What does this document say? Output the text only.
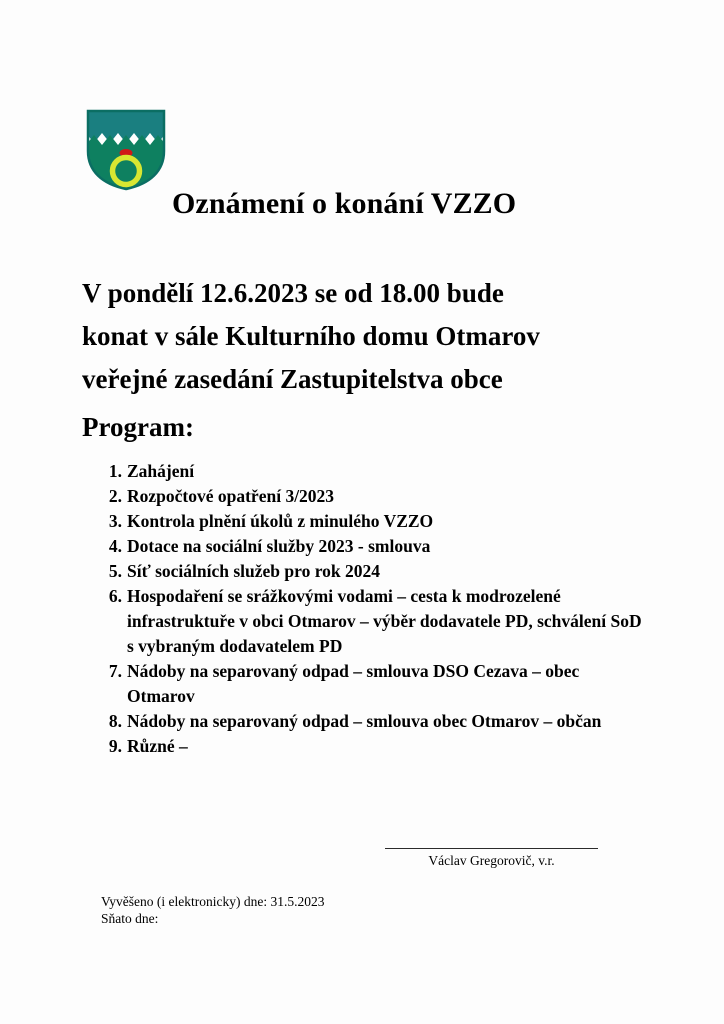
Oznámení o konání VZZO
V pondělí 12.6.2023 se od 18.00 bude
konat v sále Kulturního domu Otmarov
veřejné zasedání Zastupitelstva obce
Program:
1. Zahájení
2. Rozpočtové opatření 3/2023
3. Kontrola plnění úkolů z minulého VZZO
4. Dotace na sociální služby 2023 - smlouva
5. Síť sociálních služeb pro rok 2024
6. Hospodaření se srážkovými vodami – cesta k modrozelené infrastruktuře v obci Otmarov – výběr dodavatele PD, schválení SoD s vybraným dodavatelem PD
7. Nádoby na separovaný odpad – smlouva DSO Cezava – obec Otmarov
8. Nádoby na separovaný odpad – smlouva obec Otmarov – občan
9. Různé –
Václav Gregorovič, v.r.
Vyvěšeno (i elektronicky) dne: 31.5.2023
Sňato dne:
